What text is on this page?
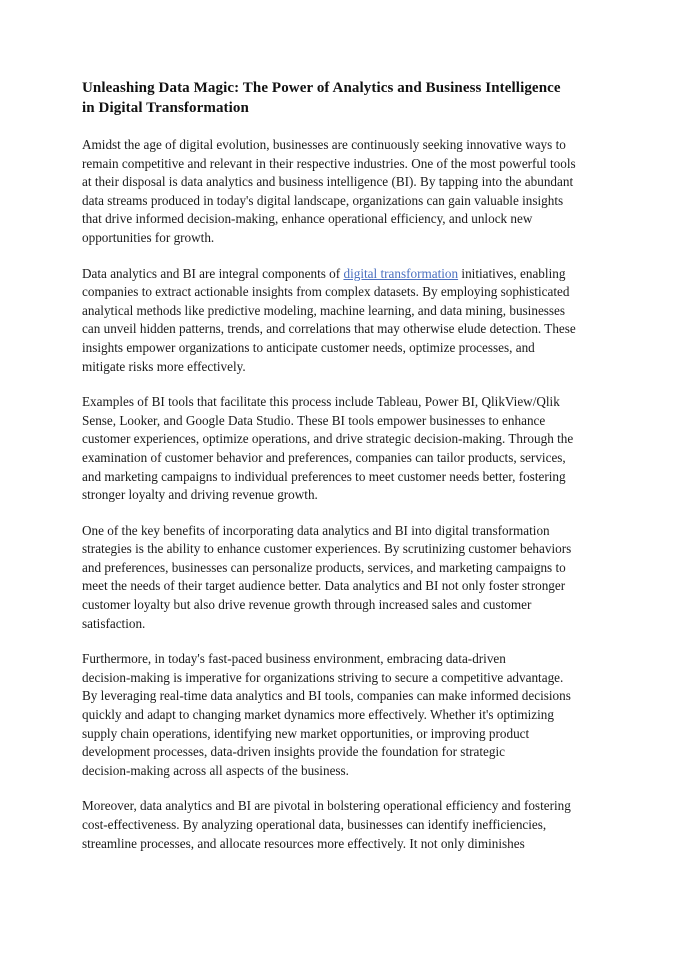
Unleashing Data Magic: The Power of Analytics and Business Intelligence
in Digital Transformation

Amidst the age of digital evolution, businesses are continuously seeking innovative ways to
remain competitive and relevant in their respective industries. One of the most powerful tools
at their disposal is data analytics and business intelligence (BI). By tapping into the abundant
data streams produced in today's digital landscape, organizations can gain valuable insights
that drive informed decision-making, enhance operational efficiency, and unlock new
opportunities for growth.

Data analytics and BI are integral components of digital transformation initiatives, enabling
companies to extract actionable insights from complex datasets. By employing sophisticated
analytical methods like predictive modeling, machine learning, and data mining, businesses
can unveil hidden patterns, trends, and correlations that may otherwise elude detection. These
insights empower organizations to anticipate customer needs, optimize processes, and
mitigate risks more effectively.

Examples of BI tools that facilitate this process include Tableau, Power BI, QlikView/Qlik
Sense, Looker, and Google Data Studio. These BI tools empower businesses to enhance
customer experiences, optimize operations, and drive strategic decision-making. Through the
examination of customer behavior and preferences, companies can tailor products, services,
and marketing campaigns to individual preferences to meet customer needs better, fostering
stronger loyalty and driving revenue growth.

One of the key benefits of incorporating data analytics and BI into digital transformation
strategies is the ability to enhance customer experiences. By scrutinizing customer behaviors
and preferences, businesses can personalize products, services, and marketing campaigns to
meet the needs of their target audience better. Data analytics and BI not only foster stronger
customer loyalty but also drive revenue growth through increased sales and customer
satisfaction.

Furthermore, in today's fast-paced business environment, embracing data-driven
decision-making is imperative for organizations striving to secure a competitive advantage.
By leveraging real-time data analytics and BI tools, companies can make informed decisions
quickly and adapt to changing market dynamics more effectively. Whether it's optimizing
supply chain operations, identifying new market opportunities, or improving product
development processes, data-driven insights provide the foundation for strategic
decision-making across all aspects of the business.

Moreover, data analytics and BI are pivotal in bolstering operational efficiency and fostering
cost-effectiveness. By analyzing operational data, businesses can identify inefficiencies,
streamline processes, and allocate resources more effectively. It not only diminishes
